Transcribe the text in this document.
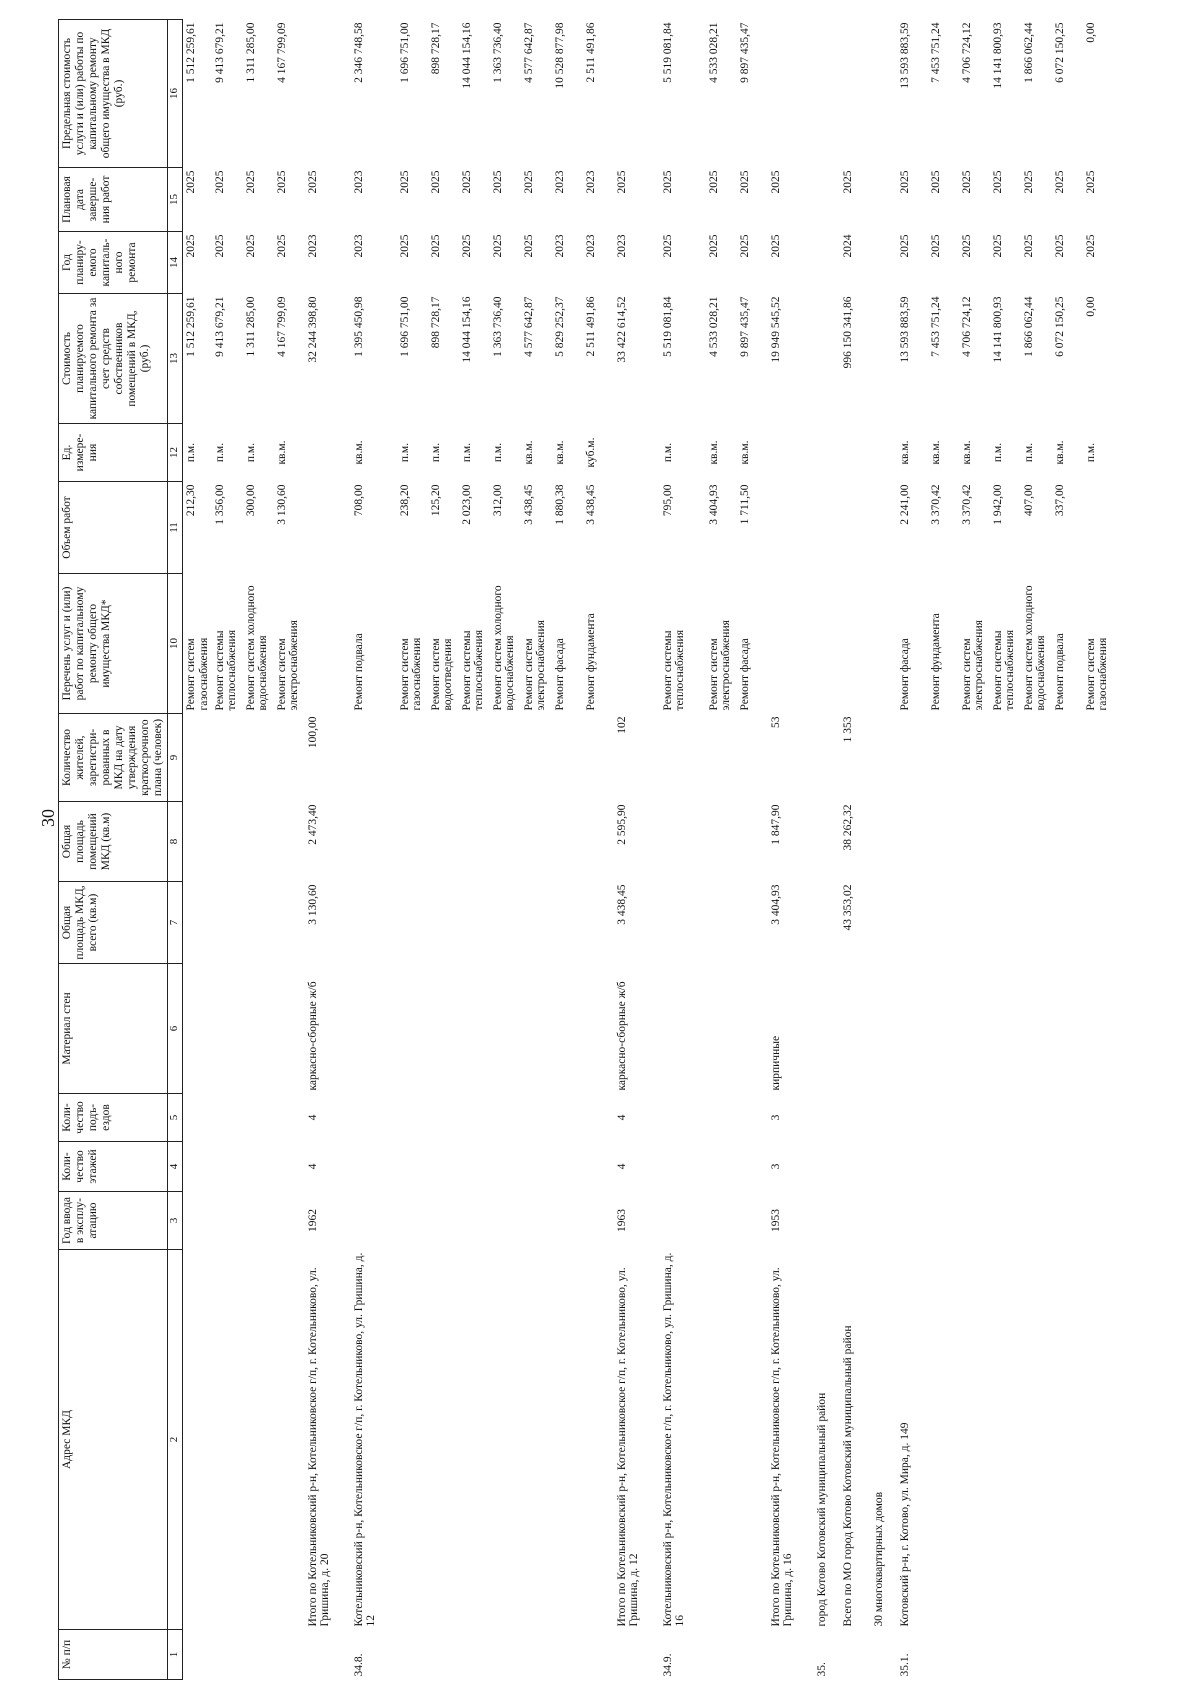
30
№ п/п	Адрес МКД	Год ввода в эксплу-атацию	Коли-чество этажей	Коли-чество подъ-ездов	Материал стен	Общая площадь МКД, всего (кв.м)	Общая площадь помещений МКД (кв.м)	Количество жителей, зарегистри-рованных в МКД на дату утверждения краткосрочного плана (человек)	Перечень услуг и (или) работ по капитальному ремонту общего имущества МКД*	Объем работ	Ед. измере-ния	Стоимость планируемого капитального ремонта за счет средств собственников помещений в МКД, (руб.)	Год планиру-емого капиталь-ного ремонта	Плановая дата заверше-ния работ	Предельная стоимость услуги и (или) работы по капитальному ремонту общего имущества в МКД (руб.)
1	2	3	4	5	6	7	8	9	10	11	12	13	14	15	16
									Ремонт систем газоснабжения	212,30	п.м.	1 512 259,61	2025	2025	1 512 259,61
									Ремонт системы теплоснабжения	1 356,00	п.м.	9 413 679,21	2025	2025	9 413 679,21
									Ремонт систем холодного водоснабжения	300,00	п.м.	1 311 285,00	2025	2025	1 311 285,00
									Ремонт систем электроснабжения	3 130,60	кв.м.	4 167 799,09	2025	2025	4 167 799,09
	Итого по Котельниковский р-н, Котельниковское г/п, г. Котельниково, ул. Гришина, д. 20	1962	4	4	каркасно-сборные ж/б	3 130,60	2 473,40	100,00				32 244 398,80	2023	2025	
34.8.	Котельниковский р-н, Котельниковское г/п, г. Котельниково, ул. Гришина, д. 12								Ремонт подвала	708,00	кв.м.	1 395 450,98	2023	2023	2 346 748,58
									Ремонт систем газоснабжения	238,20	п.м.	1 696 751,00	2025	2025	1 696 751,00
									Ремонт систем водоотведения	125,20	п.м.	898 728,17	2025	2025	898 728,17
									Ремонт системы теплоснабжения	2 023,00	п.м.	14 044 154,16	2025	2025	14 044 154,16
									Ремонт систем холодного водоснабжения	312,00	п.м.	1 363 736,40	2025	2025	1 363 736,40
									Ремонт систем электроснабжения	3 438,45	кв.м.	4 577 642,87	2025	2025	4 577 642,87
									Ремонт фасада	1 880,38	кв.м.	5 829 252,37	2023	2023	10 528 877,98
									Ремонт фундамента	3 438,45	куб.м.	2 511 491,86	2023	2023	2 511 491,86
	Итого по Котельниковский р-н, Котельниковское г/п, г. Котельниково, ул. Гришина, д. 12	1963	4	4	каркасно-сборные ж/б	3 438,45	2 595,90	102				33 422 614,52	2023	2025	
34.9.	Котельниковский р-н, Котельниковское г/п, г. Котельниково, ул. Гришина, д. 16								Ремонт системы теплоснабжения	795,00	п.м.	5 519 081,84	2025	2025	5 519 081,84
									Ремонт систем электроснабжения	3 404,93	кв.м.	4 533 028,21	2025	2025	4 533 028,21
									Ремонт фасада	1 711,50	кв.м.	9 897 435,47	2025	2025	9 897 435,47
	Итого по Котельниковский р-н, Котельниковское г/п, г. Котельниково, ул. Гришина, д. 16	1953	3	3	кирпичные	3 404,93	1 847,90	53				19 949 545,52	2025	2025	
35.	город Котово Котовский муниципальный район														
	Всего по МО город Котово Котовский муниципальный район					43 353,02	38 262,32	1 353				996 150 341,86	2024	2025	
	30 многоквартирных домов														
35.1.	Котовский р-н, г. Котово, ул. Мира, д. 149								Ремонт фасада	2 241,00	кв.м.	13 593 883,59	2025	2025	13 593 883,59
									Ремонт фундамента	3 370,42	кв.м.	7 453 751,24	2025	2025	7 453 751,24
									Ремонт систем электроснабжения	3 370,42	кв.м.	4 706 724,12	2025	2025	4 706 724,12
									Ремонт системы теплоснабжения	1 942,00	п.м.	14 141 800,93	2025	2025	14 141 800,93
									Ремонт систем холодного водоснабжения	407,00	п.м.	1 866 062,44	2025	2025	1 866 062,44
									Ремонт подвала	337,00	кв.м.	6 072 150,25	2025	2025	6 072 150,25
									Ремонт систем газоснабжения		п.м.	0,00	2025	2025	0,00
